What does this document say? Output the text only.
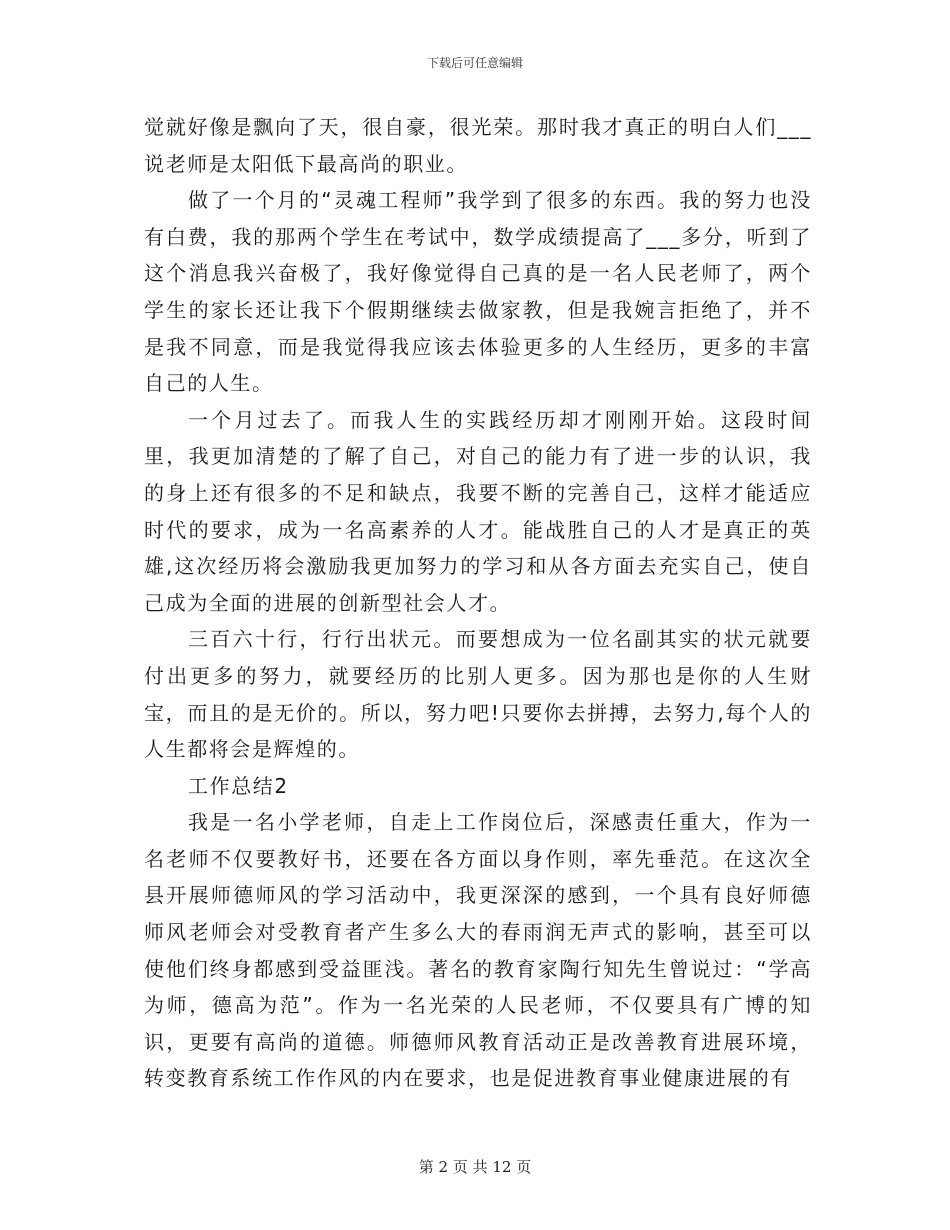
下载后可任意编辑

觉就好像是飘向了天，很自豪，很光荣。那时我才真正的明白人们___说老师是太阳低下最高尚的职业。

做了一个月的“灵魂工程师”我学到了很多的东西。我的努力也没有白费，我的那两个学生在考试中，数学成绩提高了___多分，听到了这个消息我兴奋极了，我好像觉得自己真的是一名人民老师了，两个学生的家长还让我下个假期继续去做家教，但是我婉言拒绝了，并不是我不同意，而是我觉得我应该去体验更多的人生经历，更多的丰富自己的人生。

一个月过去了。而我人生的实践经历却才刚刚开始。这段时间里，我更加清楚的了解了自己，对自己的能力有了进一步的认识，我的身上还有很多的不足和缺点，我要不断的完善自己，这样才能适应时代的要求，成为一名高素养的人才。能战胜自己的人才是真正的英雄,这次经历将会激励我更加努力的学习和从各方面去充实自己，使自己成为全面的进展的创新型社会人才。

三百六十行，行行出状元。而要想成为一位名副其实的状元就要付出更多的努力，就要经历的比别人更多。因为那也是你的人生财宝，而且的是无价的。所以，努力吧!只要你去拼搏，去努力,每个人的人生都将会是辉煌的。

工作总结2

我是一名小学老师，自走上工作岗位后，深感责任重大，作为一名老师不仅要教好书，还要在各方面以身作则，率先垂范。在这次全县开展师德师风的学习活动中，我更深深的感到，一个具有良好师德师风老师会对受教育者产生多么大的春雨润无声式的影响，甚至可以使他们终身都感到受益匪浅。著名的教育家陶行知先生曾说过：“学高为师，德高为范”。作为一名光荣的人民老师，不仅要具有广博的知识，更要有高尚的道德。师德师风教育活动正是改善教育进展环境，转变教育系统工作作风的内在要求，也是促进教育事业健康进展的有

第 2 页 共 12 页
